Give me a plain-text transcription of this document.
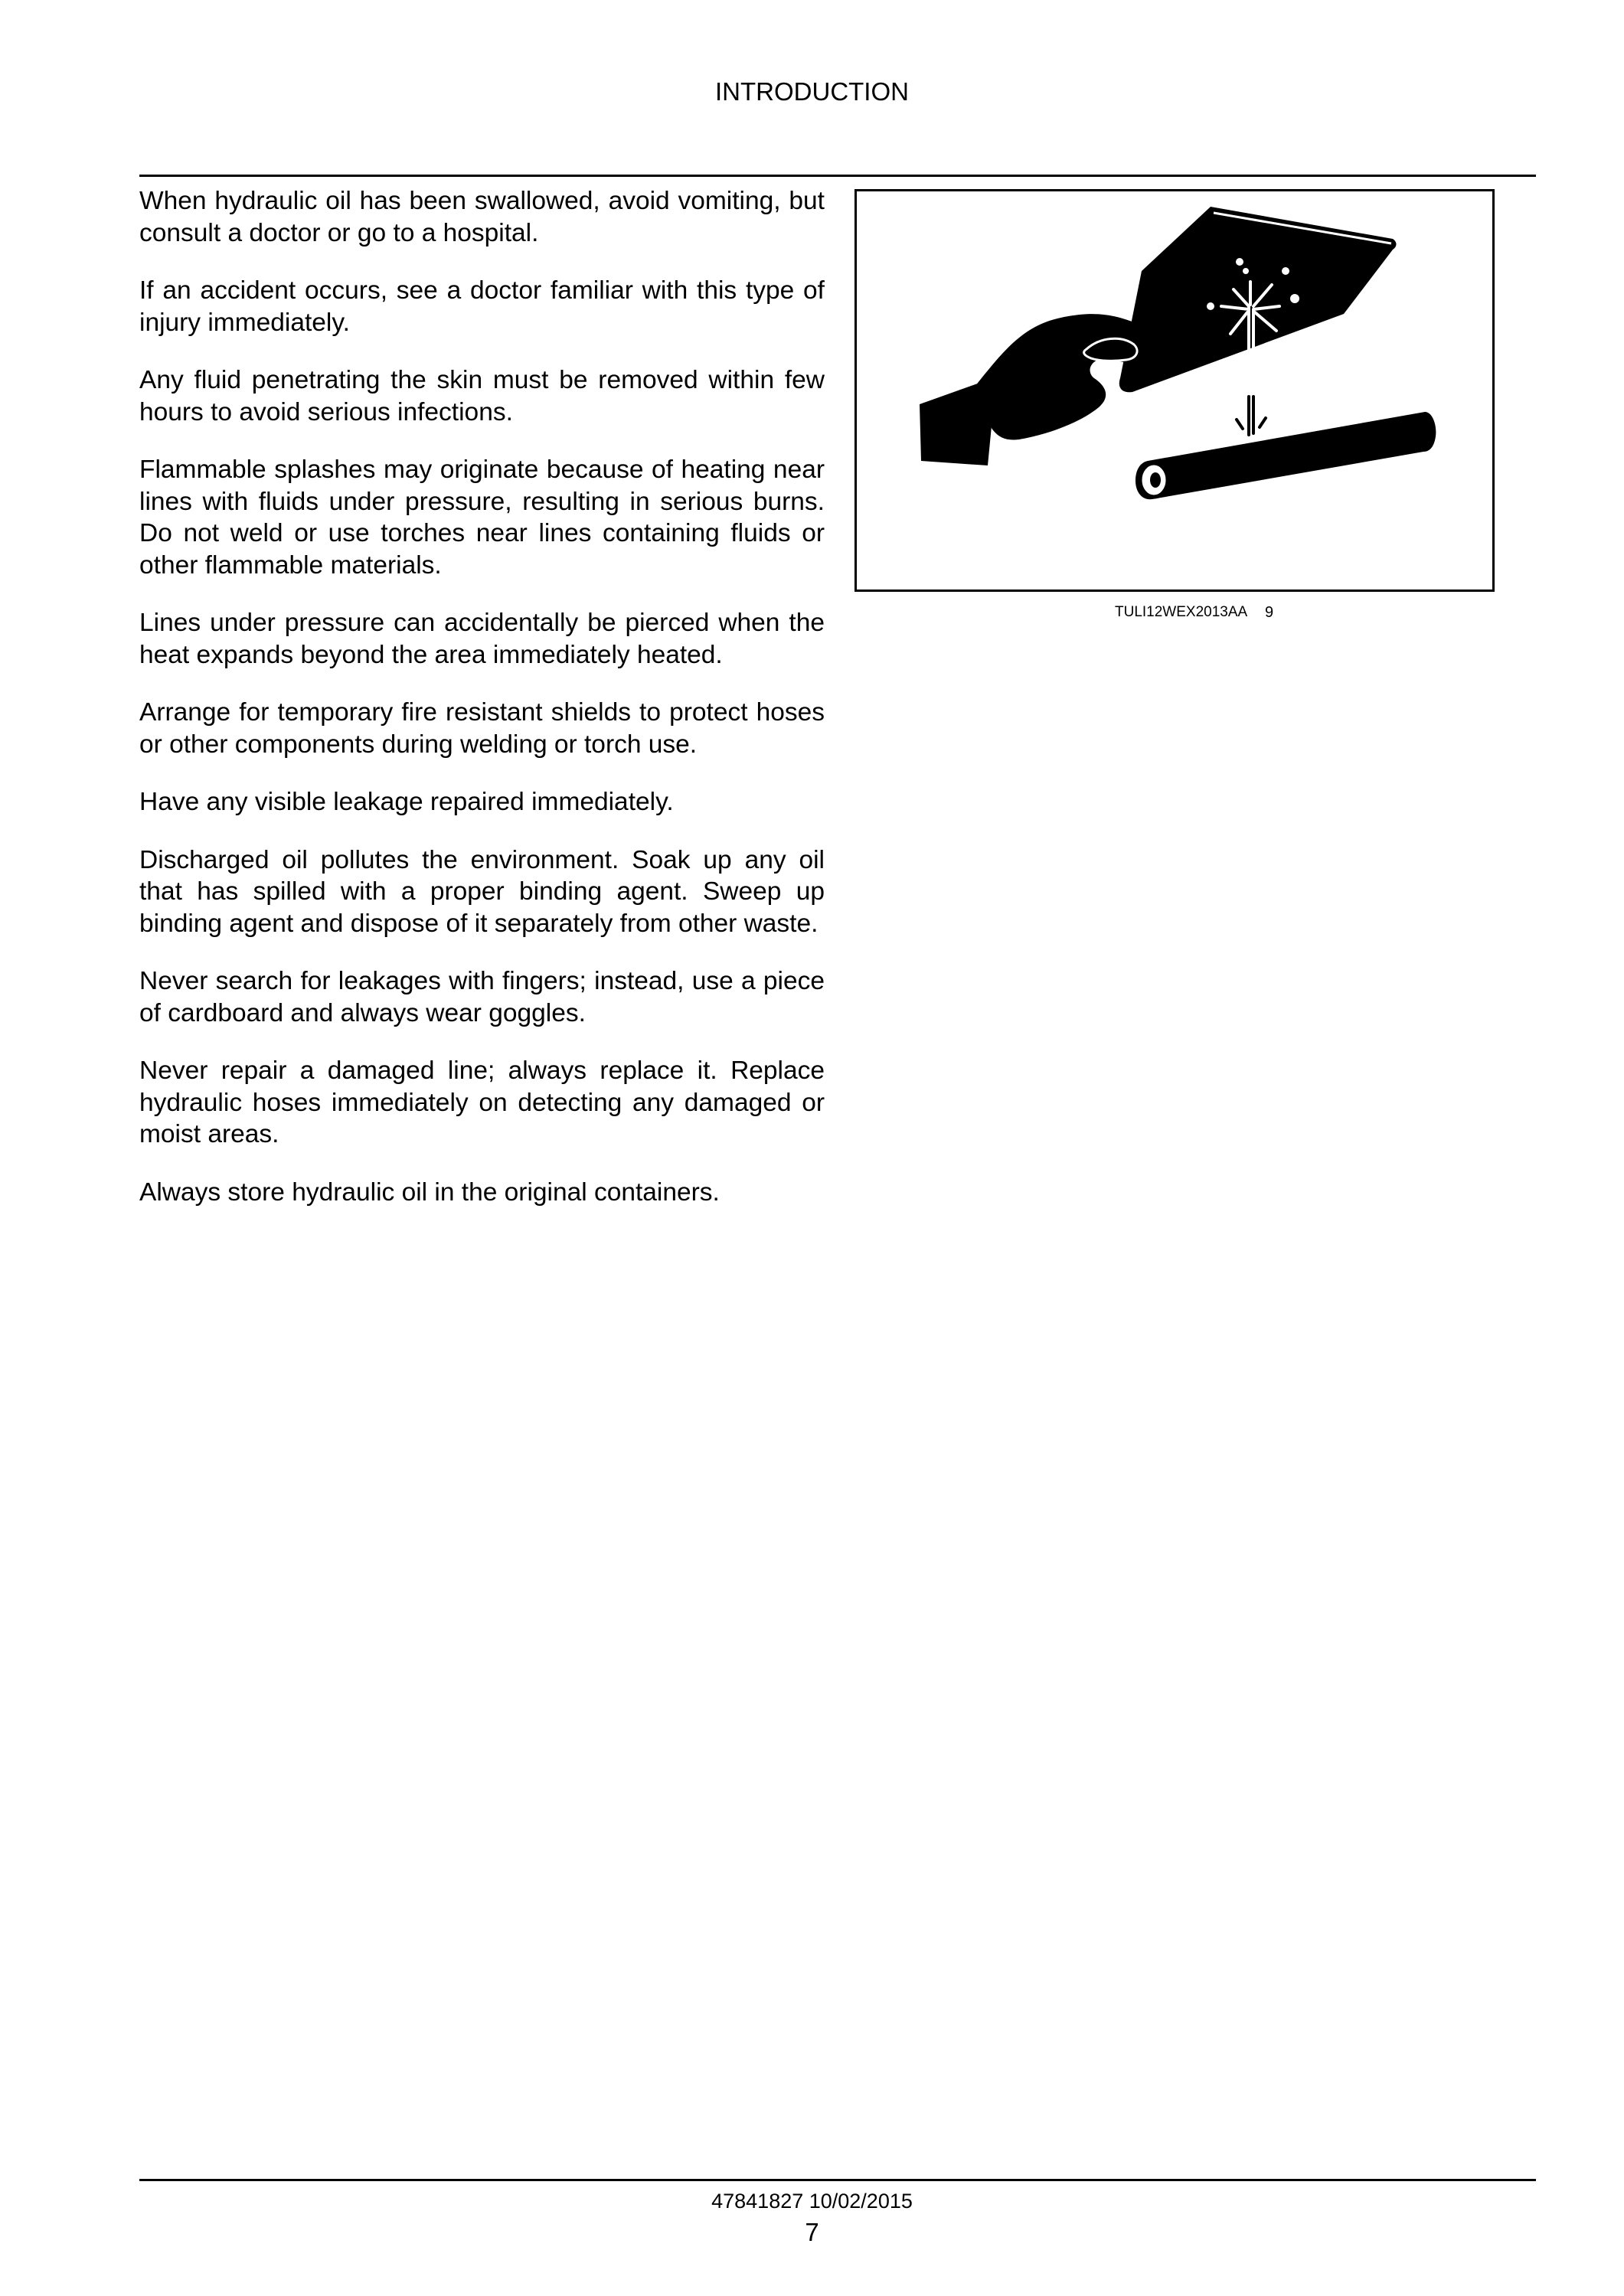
INTRODUCTION

When hydraulic oil has been swallowed, avoid vomiting, but consult a doctor or go to a hospital.

If an accident occurs, see a doctor familiar with this type of injury immediately.

Any fluid penetrating the skin must be removed within few hours to avoid serious infections.

Flammable splashes may originate because of heating near lines with fluids under pressure, resulting in serious burns. Do not weld or use torches near lines containing fluids or other flammable materials.

Lines under pressure can accidentally be pierced when the heat expands beyond the area immediately heated.

Arrange for temporary fire resistant shields to protect hoses or other components during welding or torch use.

Have any visible leakage repaired immediately.

Discharged oil pollutes the environment. Soak up any oil that has spilled with a proper binding agent. Sweep up binding agent and dispose of it separately from other waste.

Never search for leakages with fingers; instead, use a piece of cardboard and always wear goggles.

Never repair a damaged line; always replace it. Replace hydraulic hoses immediately on detecting any damaged or moist areas.

Always store hydraulic oil in the original containers.

TULI12WEX2013AA 9
47841827 10/02/2015
7
